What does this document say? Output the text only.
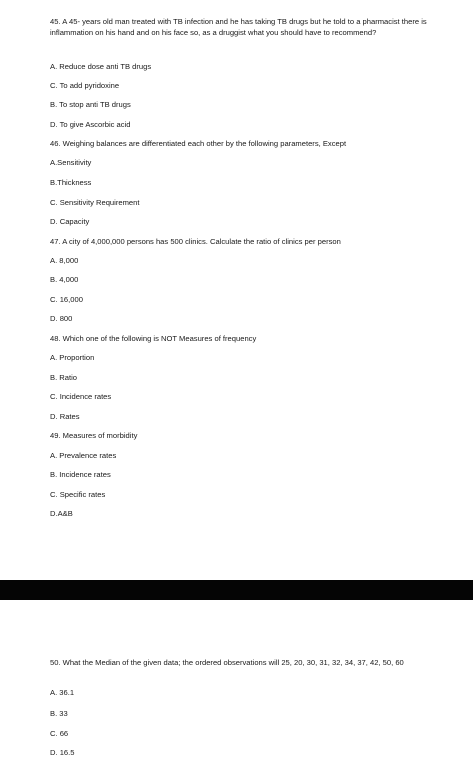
45. A 45- years old man treated with TB infection and he has taking TB drugs but he told to a pharmacist there is inflammation on his hand and on his face so, as a druggist what you should have to recommend?

A. Reduce dose anti TB drugs

C. To add pyridoxine

B. To stop anti TB drugs

D. To give Ascorbic acid

46. Weighing balances are differentiated each other by the following parameters, Except

A.Sensitivity

B.Thickness

C. Sensitivity Requirement

D. Capacity

47. A city of 4,000,000 persons has 500 clinics. Calculate the ratio of clinics per person

A. 8,000

B. 4,000

C. 16,000

D. 800

48. Which one of the following is NOT Measures of frequency

A. Proportion

B. Ratio

C. Incidence rates

D. Rates

49. Measures of morbidity

A. Prevalence rates

B. Incidence rates

C. Specific rates

D.A&B

50. What the Median of the given data; the ordered observations will 25, 20, 30, 31, 32, 34, 37, 42, 50, 60

A. 36.1

B. 33

C. 66

D. 16.5
